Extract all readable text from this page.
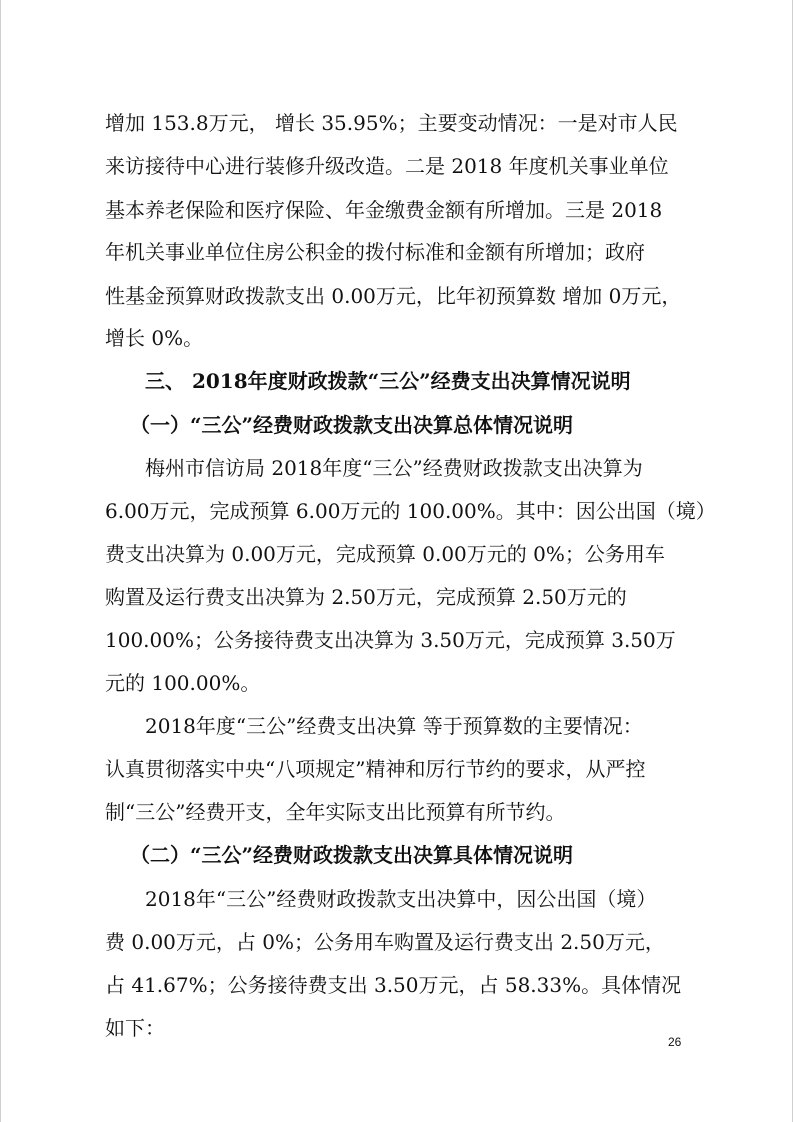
增加 153.8万元， 增长 35.95%；主要变动情况：一是对市人民
来访接待中心进行装修升级改造。二是 2018 年度机关事业单位
基本养老保险和医疗保险、年金缴费金额有所增加。三是 2018
年机关事业单位住房公积金的拨付标准和金额有所增加；政府
性基金预算财政拨款支出 0.00万元，比年初预算数 增加 0万元，
增长 0%。
三、 2018年度财政拨款“三公”经费支出决算情况说明
（一）“三公”经费财政拨款支出决算总体情况说明
梅州市信访局 2018年度“三公”经费财政拨款支出决算为
6.00万元，完成预算 6.00万元的 100.00%。其中：因公出国（境）
费支出决算为 0.00万元，完成预算 0.00万元的 0%；公务用车
购置及运行费支出决算为 2.50万元，完成预算 2.50万元的
100.00%；公务接待费支出决算为 3.50万元，完成预算 3.50万
元的 100.00%。
2018年度“三公”经费支出决算 等于预算数的主要情况：
认真贯彻落实中央“八项规定”精神和厉行节约的要求，从严控
制“三公”经费开支，全年实际支出比预算有所节约。
（二）“三公”经费财政拨款支出决算具体情况说明
2018年“三公”经费财政拨款支出决算中，因公出国（境）
费 0.00万元，占 0%；公务用车购置及运行费支出 2.50万元，
占 41.67%；公务接待费支出 3.50万元，占 58.33%。具体情况
如下：
26
